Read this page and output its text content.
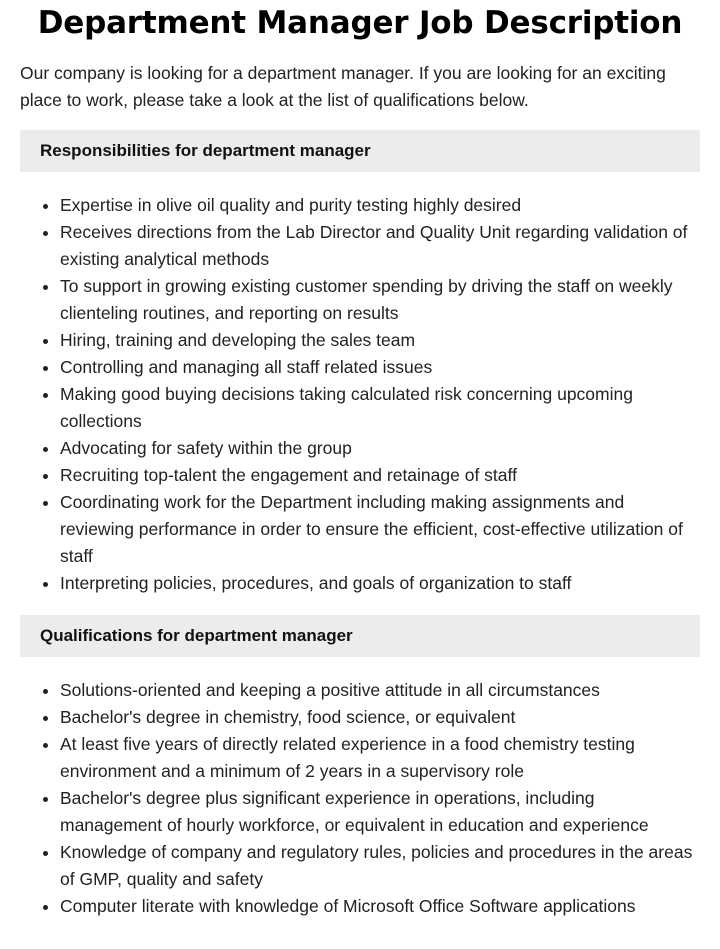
Department Manager Job Description

Our company is looking for a department manager. If you are looking for an exciting place to work, please take a look at the list of qualifications below.

Responsibilities for department manager
• Expertise in olive oil quality and purity testing highly desired
• Receives directions from the Lab Director and Quality Unit regarding validation of existing analytical methods
• To support in growing existing customer spending by driving the staff on weekly clienteling routines, and reporting on results
• Hiring, training and developing the sales team
• Controlling and managing all staff related issues
• Making good buying decisions taking calculated risk concerning upcoming collections
• Advocating for safety within the group
• Recruiting top-talent the engagement and retainage of staff
• Coordinating work for the Department including making assignments and reviewing performance in order to ensure the efficient, cost-effective utilization of staff
• Interpreting policies, procedures, and goals of organization to staff
Qualifications for department manager
• Solutions-oriented and keeping a positive attitude in all circumstances
• Bachelor's degree in chemistry, food science, or equivalent
• At least five years of directly related experience in a food chemistry testing environment and a minimum of 2 years in a supervisory role
• Bachelor's degree plus significant experience in operations, including management of hourly workforce, or equivalent in education and experience
• Knowledge of company and regulatory rules, policies and procedures in the areas of GMP, quality and safety
• Computer literate with knowledge of Microsoft Office Software applications
